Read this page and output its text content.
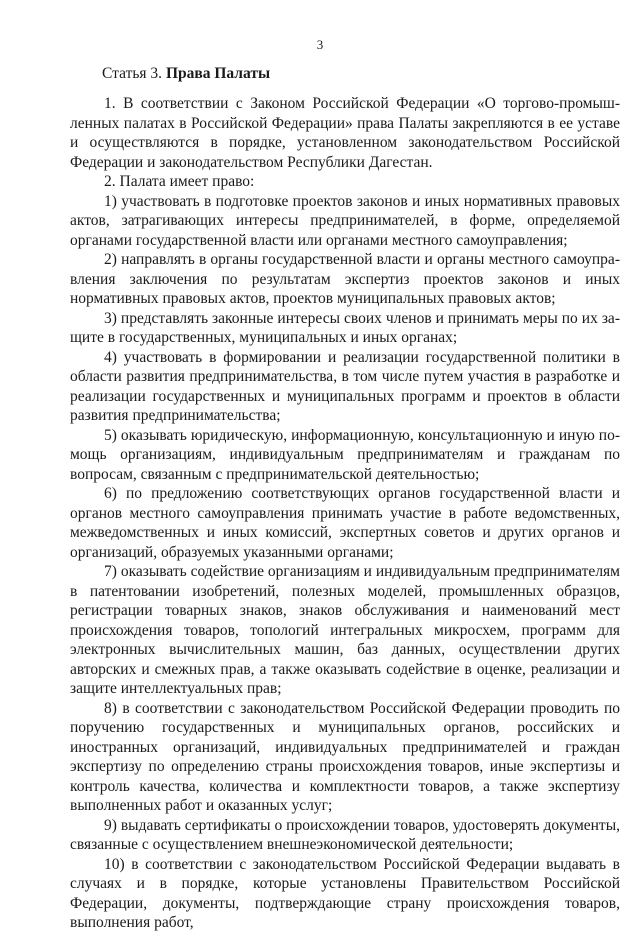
3
Статья 3. Права Палаты

1. В соответствии с Законом Российской Федерации «О торгово-промышленных палатах в Российской Федерации» права Палаты закрепляются в ее уставе и осуществляются в порядке, установленном законодательством Российской Федерации и законодательством Республики Дагестан.

2. Палата имеет право:

1) участвовать в подготовке проектов законов и иных нормативных правовых актов, затрагивающих интересы предпринимателей, в форме, определяемой органами государственной власти или органами местного самоуправления;

2) направлять в органы государственной власти и органы местного самоуправления заключения по результатам экспертиз проектов законов и иных нормативных правовых актов, проектов муниципальных правовых актов;

3) представлять законные интересы своих членов и принимать меры по их защите в государственных, муниципальных и иных органах;

4) участвовать в формировании и реализации государственной политики в области развития предпринимательства, в том числе путем участия в разработке и реализации государственных и муниципальных программ и проектов в области развития предпринимательства;

5) оказывать юридическую, информационную, консультационную и иную помощь организациям, индивидуальным предпринимателям и гражданам по вопросам, связанным с предпринимательской деятельностью;

6) по предложению соответствующих органов государственной власти и органов местного самоуправления принимать участие в работе ведомственных, межведомственных и иных комиссий, экспертных советов и других органов и организаций, образуемых указанными органами;

7) оказывать содействие организациям и индивидуальным предпринимателям в патентовании изобретений, полезных моделей, промышленных образцов, регистрации товарных знаков, знаков обслуживания и наименований мест происхождения товаров, топологий интегральных микросхем, программ для электронных вычислительных машин, баз данных, осуществлении других авторских и смежных прав, а также оказывать содействие в оценке, реализации и защите интеллектуальных прав;

8) в соответствии с законодательством Российской Федерации проводить по поручению государственных и муниципальных органов, российских и иностранных организаций, индивидуальных предпринимателей и граждан экспертизу по определению страны происхождения товаров, иные экспертизы и контроль качества, количества и комплектности товаров, а также экспертизу выполненных работ и оказанных услуг;

9) выдавать сертификаты о происхождении товаров, удостоверять документы, связанные с осуществлением внешнеэкономической деятельности;

10) в соответствии с законодательством Российской Федерации выдавать в случаях и в порядке, которые установлены Правительством Российской Федерации, документы, подтверждающие страну происхождения товаров, выполнения работ,
